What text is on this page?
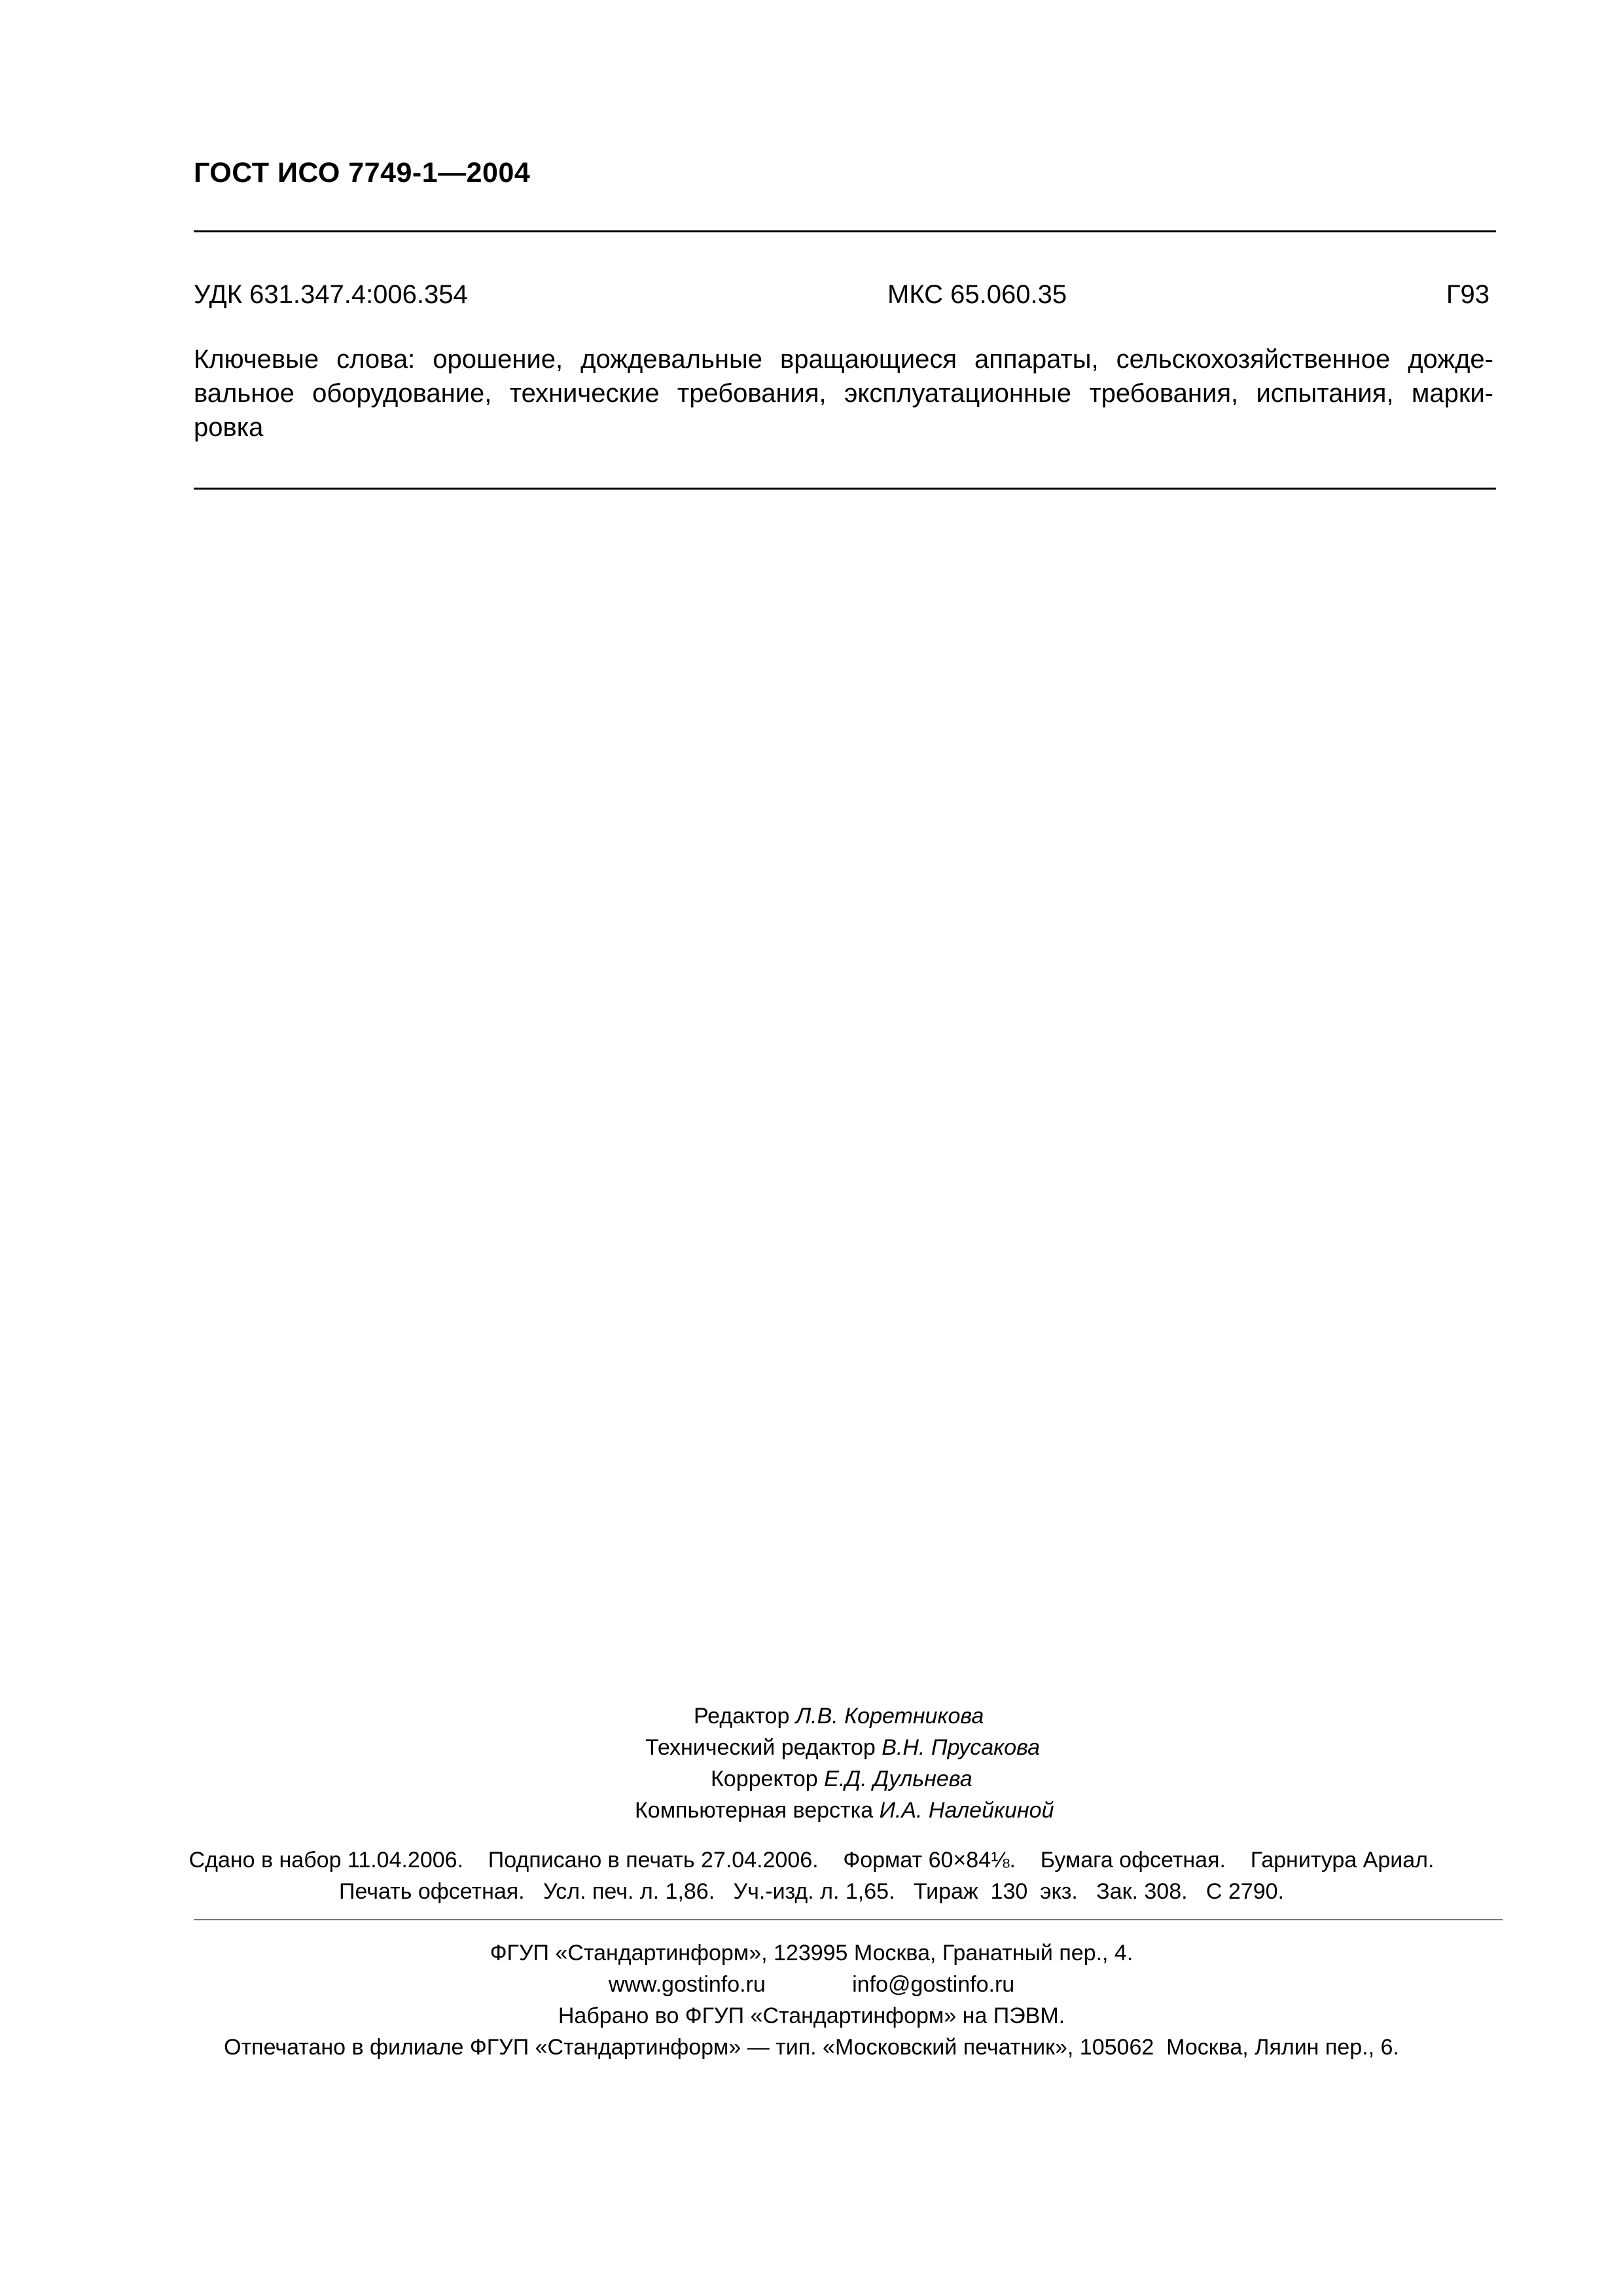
ГОСТ ИСО 7749-1—2004
УДК 631.347.4:006.354	МКС 65.060.35	Г93
Ключевые слова: орошение, дождевальные вращающиеся аппараты, сельскохозяйственное дожде-
вальное оборудование, технические требования, эксплуатационные требования, испытания, марки-
ровка
Редактор Л.В. Коретникова
Технический редактор В.Н. Прусакова
Корректор Е.Д. Дульнева
Компьютерная верстка И.А. Налейкиной
Сдано в набор 11.04.2006.    Подписано в печать 27.04.2006.    Формат 60×84⅛.    Бумага офсетная.    Гарнитура Ариал.
Печать офсетная.   Усл. печ. л. 1,86.   Уч.-изд. л. 1,65.   Тираж  130  экз.   Зак. 308.   С 2790.
ФГУП «Стандартинформ», 123995 Москва, Гранатный пер., 4.
www.gostinfo.ru	info@gostinfo.ru
Набрано во ФГУП «Стандартинформ» на ПЭВМ.
Отпечатано в филиале ФГУП «Стандартинформ» — тип. «Московский печатник», 105062  Москва, Лялин пер., 6.
